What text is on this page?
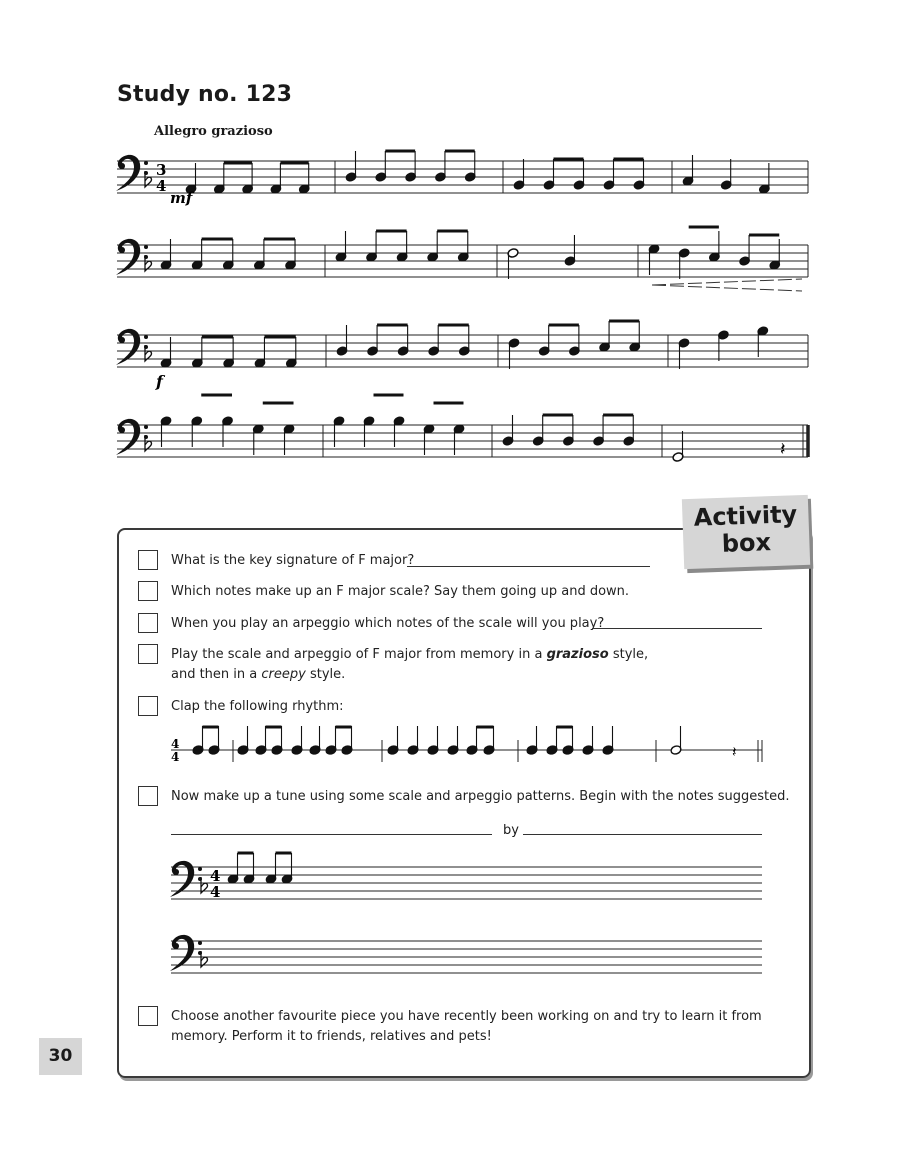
Study no. 123
Allegro grazioso
3
4
4
4	𝄽
4
4
𝄽
mf
f
Activity
box
What is the key signature of F major?
Which notes make up an F major scale? Say them going up and down.
When you play an arpeggio which notes of the scale will you play?
Play the scale and arpeggio of F major from memory in a grazioso style,
and then in a creepy style.
Clap the following rhythm:
Now make up a tune using some scale and arpeggio patterns. Begin with the notes suggested.
by
Choose another favourite piece you have recently been working on and try to learn it from
memory. Perform it to friends, relatives and pets!
30
